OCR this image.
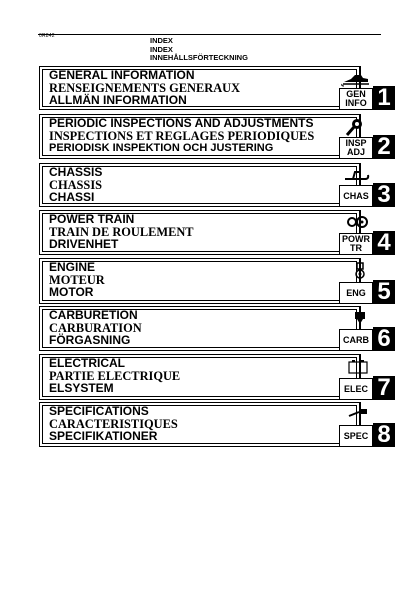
0R842	INDEX
INDEX
INNEHÅLLSFÖRTECKNING
GENERAL INFORMATION
RENSEIGNEMENTS GENERAUX
ALLMÄN INFORMATION	GEN
INFO 1
PERIODIC INSPECTIONS AND ADJUSTMENTS
INSPECTIONS ET REGLAGES PERIODIQUES
PERIODISK INSPEKTION OCH JUSTERING	INSP
ADJ 2
CHASSIS
CHASSIS
CHASSI	CHAS 3
POWER TRAIN
TRAIN DE ROULEMENT
DRIVENHET	POWR
TR 4
ENGINE
MOTEUR
MOTOR	ENG 5
CARBURETION
CARBURATION
FÖRGASNING	CARB 6
ELECTRICAL
PARTIE ELECTRIQUE
ELSYSTEM	ELEC 7
SPECIFICATIONS
CARACTERISTIQUES
SPECIFIKATIONER	SPEC 8
